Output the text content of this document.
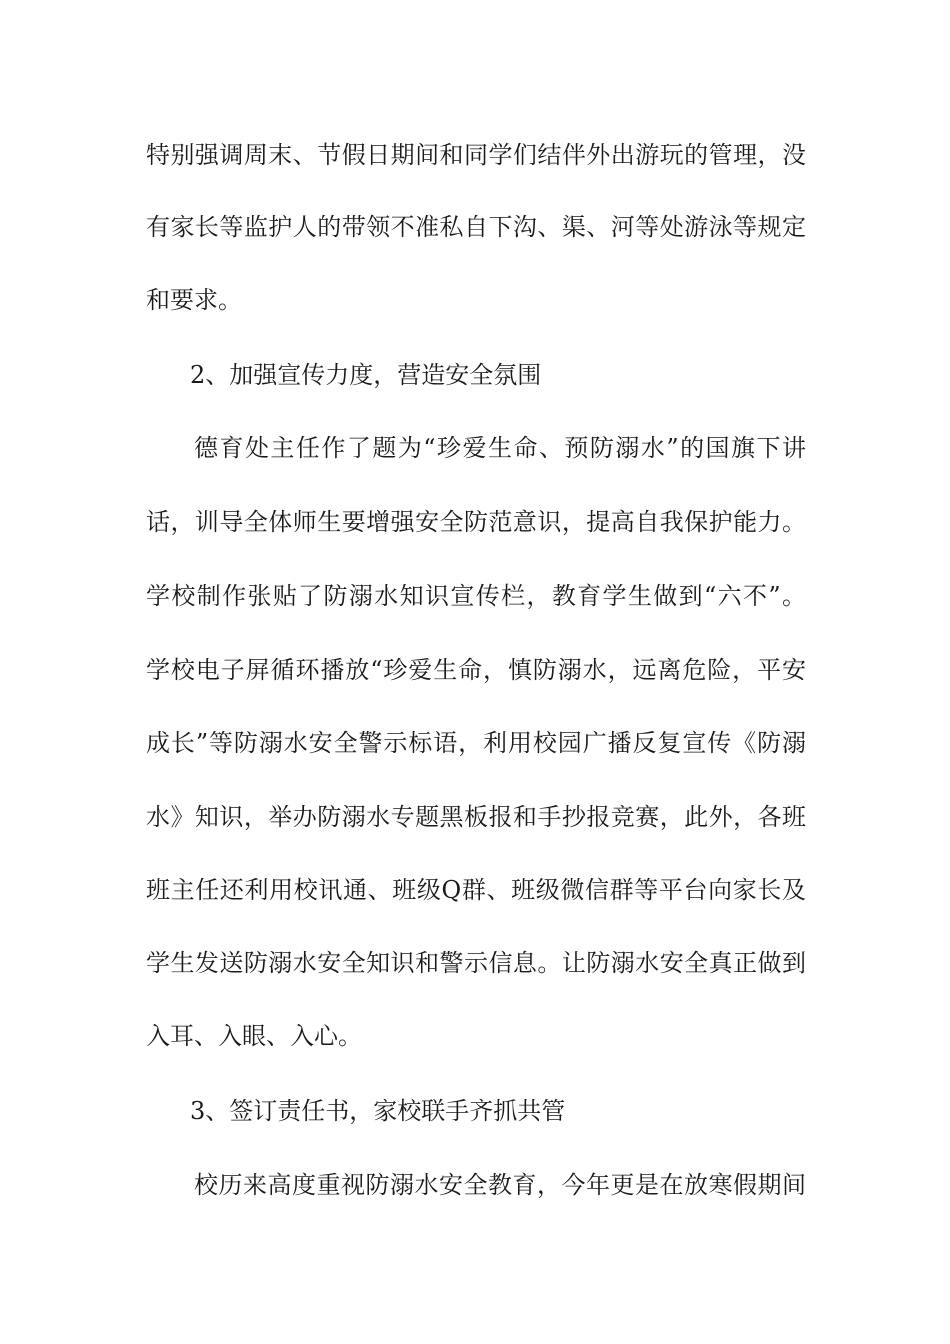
特别强调周末、节假日期间和同学们结伴外出游玩的管理，没
有家长等监护人的带领不准私自下沟、渠、河等处游泳等规定
和要求。
2、加强宣传力度，营造安全氛围
德育处主任作了题为“珍爱生命、预防溺水”的国旗下讲
话，训导全体师生要增强安全防范意识，提高自我保护能力。
学校制作张贴了防溺水知识宣传栏，教育学生做到“六不”。
学校电子屏循环播放“珍爱生命，慎防溺水，远离危险，平安
成长”等防溺水安全警示标语，利用校园广播反复宣传《防溺
水》知识，举办防溺水专题黑板报和手抄报竞赛，此外，各班
班主任还利用校讯通、班级Q群、班级微信群等平台向家长及
学生发送防溺水安全知识和警示信息。让防溺水安全真正做到
入耳、入眼、入心。
3、签订责任书，家校联手齐抓共管
校历来高度重视防溺水安全教育，今年更是在放寒假期间
